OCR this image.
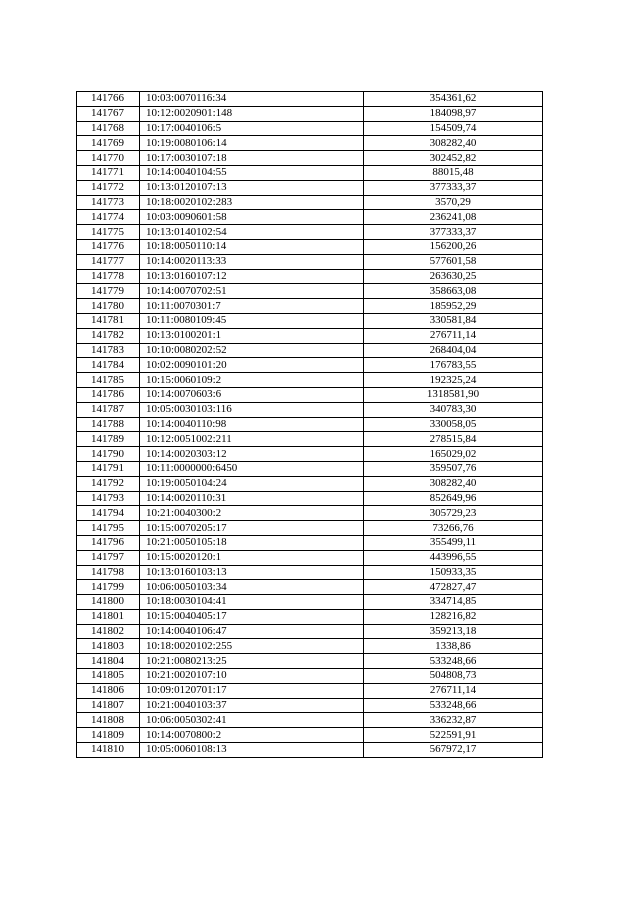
141766	10:03:0070116:34	354361,62
141767	10:12:0020901:148	184098,97
141768	10:17:0040106:5	154509,74
141769	10:19:0080106:14	308282,40
141770	10:17:0030107:18	302452,82
141771	10:14:0040104:55	88015,48
141772	10:13:0120107:13	377333,37
141773	10:18:0020102:283	3570,29
141774	10:03:0090601:58	236241,08
141775	10:13:0140102:54	377333,37
141776	10:18:0050110:14	156200,26
141777	10:14:0020113:33	577601,58
141778	10:13:0160107:12	263630,25
141779	10:14:0070702:51	358663,08
141780	10:11:0070301:7	185952,29
141781	10:11:0080109:45	330581,84
141782	10:13:0100201:1	276711,14
141783	10:10:0080202:52	268404,04
141784	10:02:0090101:20	176783,55
141785	10:15:0060109:2	192325,24
141786	10:14:0070603:6	1318581,90
141787	10:05:0030103:116	340783,30
141788	10:14:0040110:98	330058,05
141789	10:12:0051002:211	278515,84
141790	10:14:0020303:12	165029,02
141791	10:11:0000000:6450	359507,76
141792	10:19:0050104:24	308282,40
141793	10:14:0020110:31	852649,96
141794	10:21:0040300:2	305729,23
141795	10:15:0070205:17	73266,76
141796	10:21:0050105:18	355499,11
141797	10:15:0020120:1	443996,55
141798	10:13:0160103:13	150933,35
141799	10:06:0050103:34	472827,47
141800	10:18:0030104:41	334714,85
141801	10:15:0040405:17	128216,82
141802	10:14:0040106:47	359213,18
141803	10:18:0020102:255	1338,86
141804	10:21:0080213:25	533248,66
141805	10:21:0020107:10	504808,73
141806	10:09:0120701:17	276711,14
141807	10:21:0040103:37	533248,66
141808	10:06:0050302:41	336232,87
141809	10:14:0070800:2	522591,91
141810	10:05:0060108:13	567972,17
